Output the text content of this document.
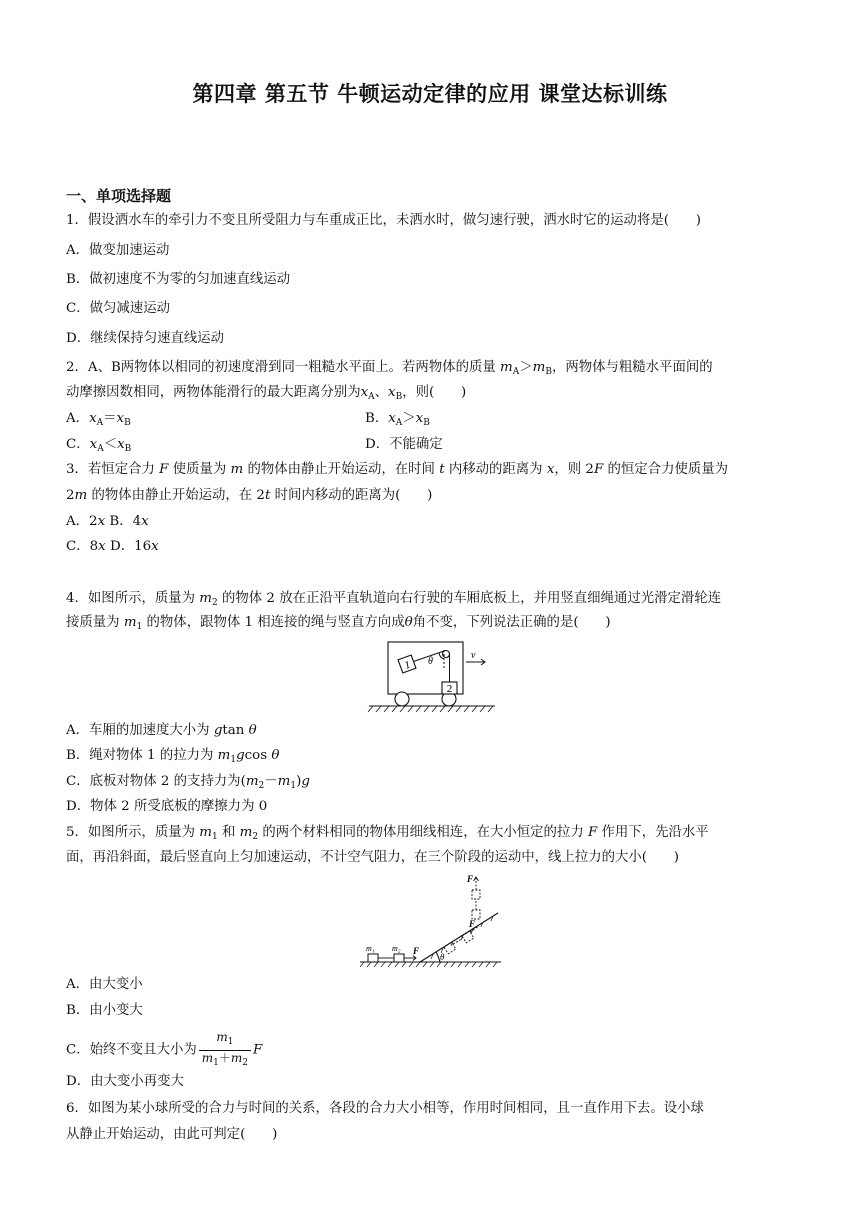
第四章 第五节 牛顿运动定律的应用 课堂达标训练
一、单项选择题
1．假设洒水车的牵引力不变且所受阻力与车重成正比，未洒水时，做匀速行驶，洒水时它的运动将是(　　)
A．做变加速运动
B．做初速度不为零的匀加速直线运动
C．做匀减速运动
D．继续保持匀速直线运动
2．A、B两物体以相同的初速度滑到同一粗糙水平面上。若两物体的质量 $m_A>m_B$，两物体与粗糙水平面间的
动摩擦因数相同，两物体能滑行的最大距离分别为$x_A$、$x_B$，则(　　)
A．$x_A=x_B$	B．$x_A>x_B$
C．$x_A<x_B$	D．不能确定
3．若恒定合力 F 使质量为 m 的物体由静止开始运动，在时间 t 内移动的距离为 x，则 2F 的恒定合力使质量为
2m 的物体由静止开始运动，在 2t 时间内移动的距离为(　　)
A．2x B．4x
C．8x D．16x
4．如图所示，质量为 $m_2$ 的物体 2 放在正沿平直轨道向右行驶的车厢底板上，并用竖直细绳通过光滑定滑轮连
接质量为 $m_1$ 的物体，跟物体 1 相连接的绳与竖直方向成θ角不变，下列说法正确的是(　　)
1
2
θ
v
A．车厢的加速度大小为 gtan θ
B．绳对物体 1 的拉力为 $m_1gcos$ θ
C．底板对物体 2 的支持力为$(m_2-m_1)g$
D．物体 2 所受底板的摩擦力为 0
5．如图所示，质量为 $m_1$ 和 $m_2$ 的两个材料相同的物体用细线相连，在大小恒定的拉力 F 作用下，先沿水平
面，再沿斜面，最后竖直向上匀加速运动，不计空气阻力，在三个阶段的运动中，线上拉力的大小(　　)
m₁ m₂ F
F
F
θ
A．由大变小
B．由小变大
C．始终不变且大小为 $\frac{m_1}{m_1+m_2}$ F
D．由大变小再变大
6．如图为某小球所受的合力与时间的关系，各段的合力大小相等，作用时间相同，且一直作用下去。设小球
从静止开始运动，由此可判定(　　)
